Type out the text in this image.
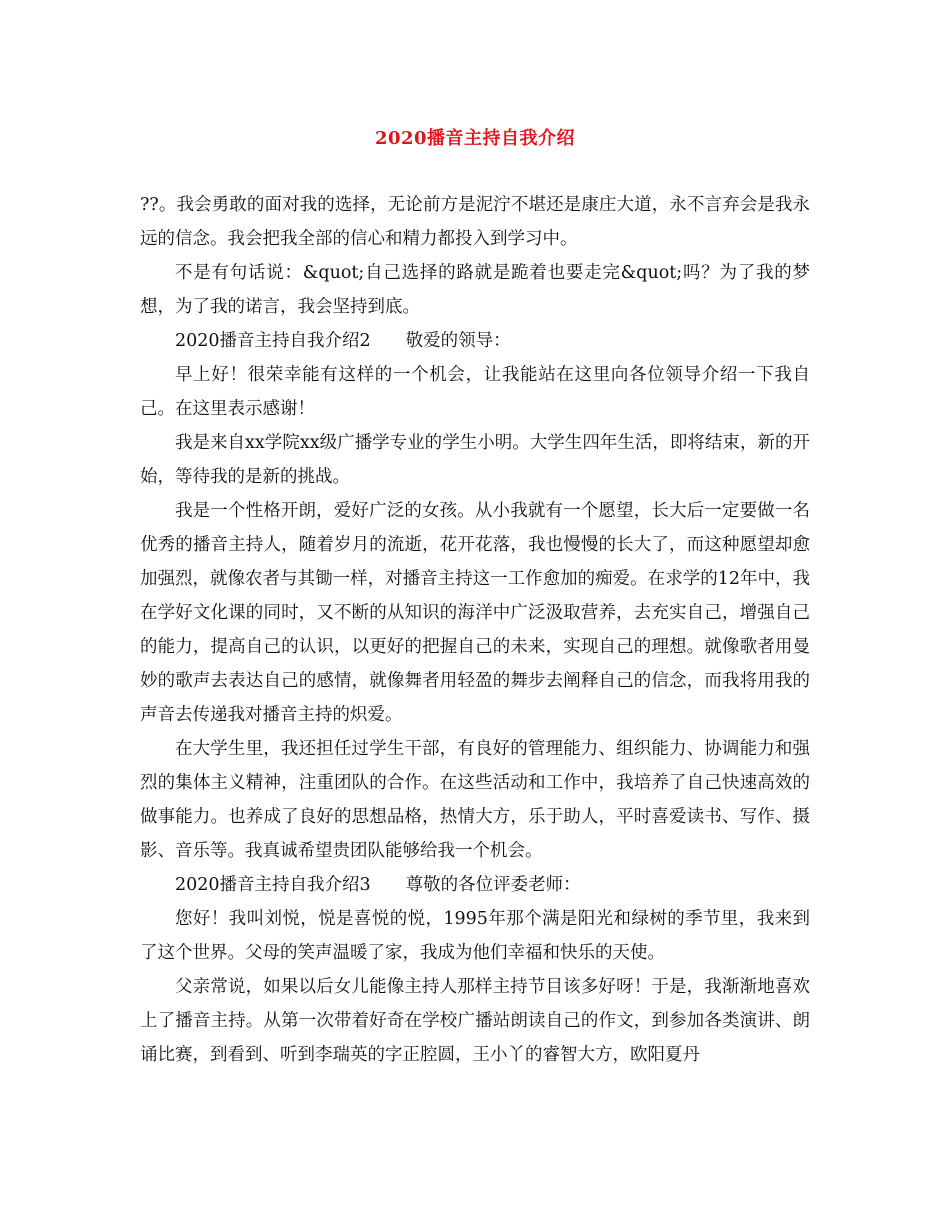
2020播音主持自我介绍

??。我会勇敢的面对我的选择，无论前方是泥泞不堪还是康庄大道，永不言弃会是我永远的信念。我会把我全部的信心和精力都投入到学习中。

不是有句话说：&quot;自己选择的路就是跪着也要走完&quot;吗？为了我的梦想，为了我的诺言，我会坚持到底。

2020播音主持自我介绍2　　敬爱的领导：

早上好！很荣幸能有这样的一个机会，让我能站在这里向各位领导介绍一下我自己。在这里表示感谢！

我是来自xx学院xx级广播学专业的学生小明。大学生四年生活，即将结束，新的开始，等待我的是新的挑战。

我是一个性格开朗，爱好广泛的女孩。从小我就有一个愿望，长大后一定要做一名优秀的播音主持人，随着岁月的流逝，花开花落，我也慢慢的长大了，而这种愿望却愈加强烈，就像农者与其锄一样，对播音主持这一工作愈加的痴爱。在求学的12年中，我在学好文化课的同时，又不断的从知识的海洋中广泛汲取营养，去充实自己，增强自己的能力，提高自己的认识，以更好的把握自己的未来，实现自己的理想。就像歌者用曼妙的歌声去表达自己的感情，就像舞者用轻盈的舞步去阐释自己的信念，而我将用我的声音去传递我对播音主持的炽爱。

在大学生里，我还担任过学生干部，有良好的管理能力、组织能力、协调能力和强烈的集体主义精神，注重团队的合作。在这些活动和工作中，我培养了自己快速高效的做事能力。也养成了良好的思想品格，热情大方，乐于助人，平时喜爱读书、写作、摄影、音乐等。我真诚希望贵团队能够给我一个机会。

2020播音主持自我介绍3　　尊敬的各位评委老师：

您好！我叫刘悦，悦是喜悦的悦，1995年那个满是阳光和绿树的季节里，我来到了这个世界。父母的笑声温暖了家，我成为他们幸福和快乐的天使。

父亲常说，如果以后女儿能像主持人那样主持节目该多好呀！于是，我渐渐地喜欢上了播音主持。从第一次带着好奇在学校广播站朗读自己的作文，到参加各类演讲、朗诵比赛，到看到、听到李瑞英的字正腔圆，王小丫的睿智大方，欧阳夏丹
